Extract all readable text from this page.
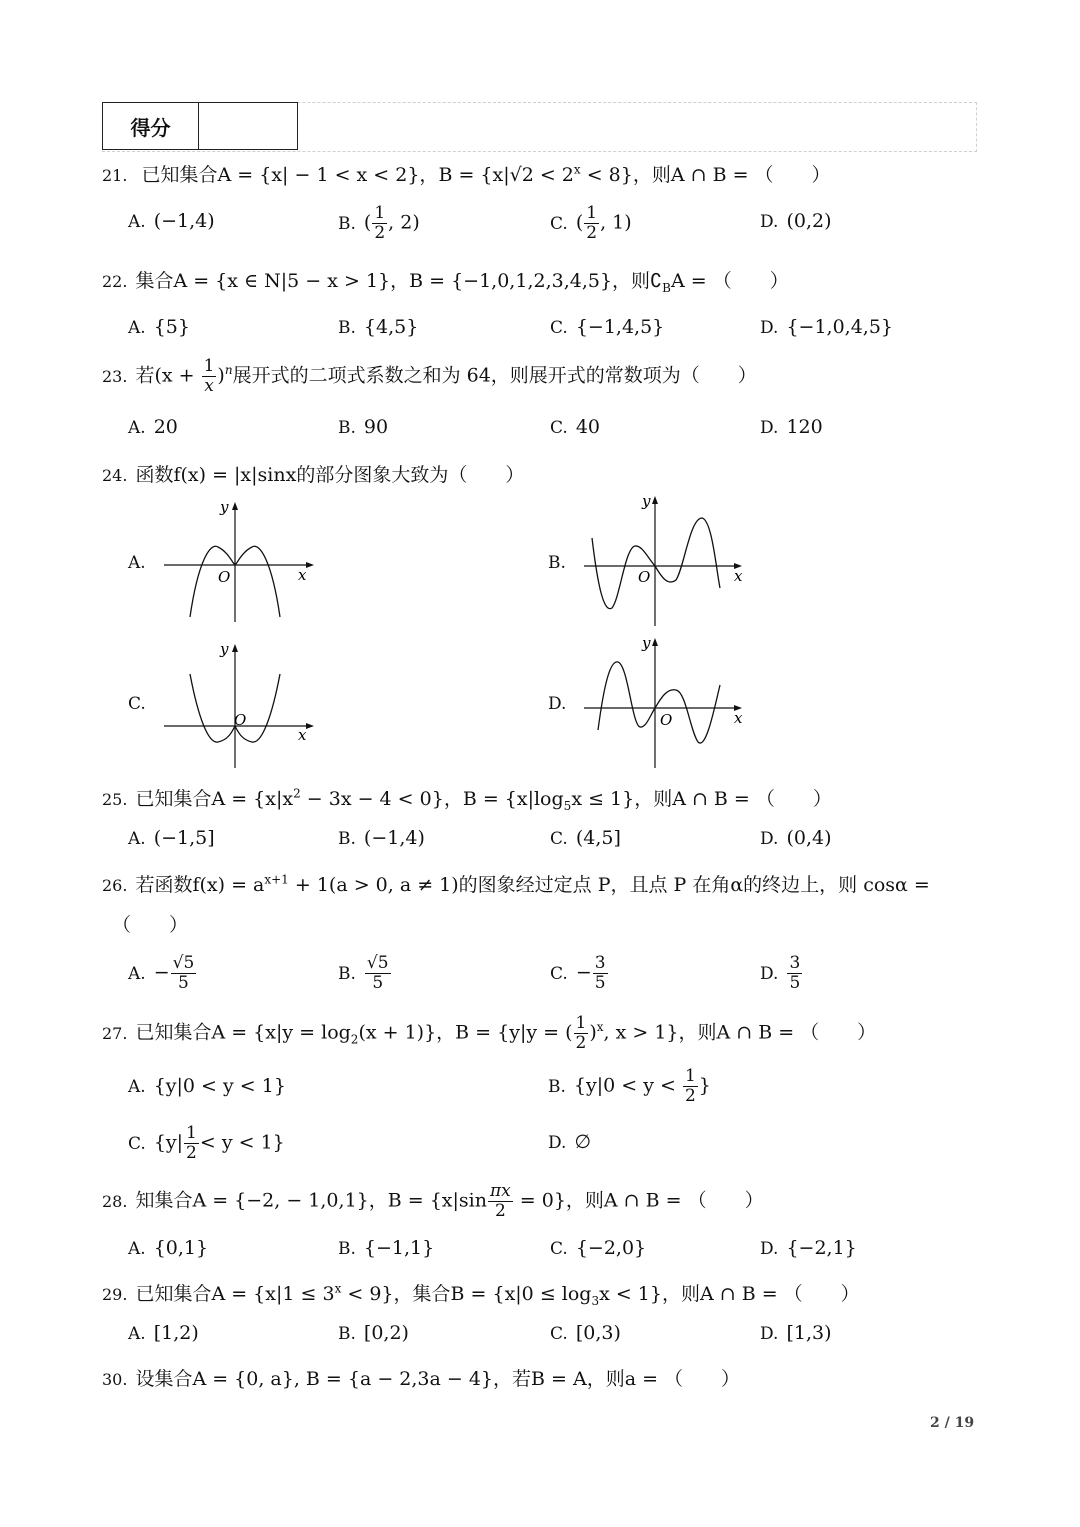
得分
21. 已知集合A = {x| − 1 < x < 2}，$B = \{x|√2 < 2^x < 8\}$，则A ∩ B = （　　）
A. (−1,4)	B. ( $\frac{1}{2}$ , 2)	C. ( $\frac{1}{2}$ , 1)	D. (0,2)
22. 集合A = {x ∈ N|5 − x > 1}，B = {−1,0,1,2,3,4,5}，则$∁_BA$ = （　　）
A. {5}	B. {4,5}	C. {−1,4,5}	D. {−1,0,4,5}
23. 若$(x + \frac{1}{x} )^n$展开式的二项式系数之和为 64，则展开式的常数项为（　　）
A. 20	B. 90	C. 40	D. 120
24. 函数f(x) = |x|sinx的部分图象大致为（　　）
A.	B.
C.	D.
O	x
y
O	x
y
O
x
y
O	x
y
25. 已知集合$A = \{x|x^2 - 3x - 4 < 0\}$，$B = \{x|\log_5x \le 1\}$，则A ∩ B = （　　）
A. (−1,5]	B. (−1,4)	C. (4,5]	D. (0,4)
26. 若函数$f(x) = a^{x+1} + 1(a > 0$, a ≠ 1)的图象经过定点 P，且点 P 在角α的终边上，则 cosα =
（　　）
A. − $\frac{√5}{5}$	B. $\frac{√5}{5}$	C. − $\frac{3}{5}$	D. $\frac{3}{5}$
27. 已知集合$A = \{x|y = \log_2(x + 1)\}$，B = {y|y = ( $\frac{1}{2} )^x$, x > 1}，则A ∩ B = （　　）
A. {y|0 < y < 1}	B. {$y|0 < y < \frac{1}{2}$ }
C. $\{y| \frac{1}{2} < y < 1\}$	D. ∅
28. 知集合A = {−2, − 1,0,1}，$B = \{x|\sin \frac{\pi x}{2} = 0\}$，则A ∩ B = （　　）
A. {0,1}	B. {−1,1}	C. {−2,0}	D. {−2,1}
29. 已知集合$A = \{x|1 \le 3^x < 9\}$，集合$B = \{x|0 \le \log_3x < 1\}$，则A ∩ B = （　　）
A. [1,2)	B. [0,2)	C. [0,3)	D. [1,3)
30. 设集合A = {0, a}, B = {a − 2,3a − 4}，若B = A，则a = （　　）
2 / 19
